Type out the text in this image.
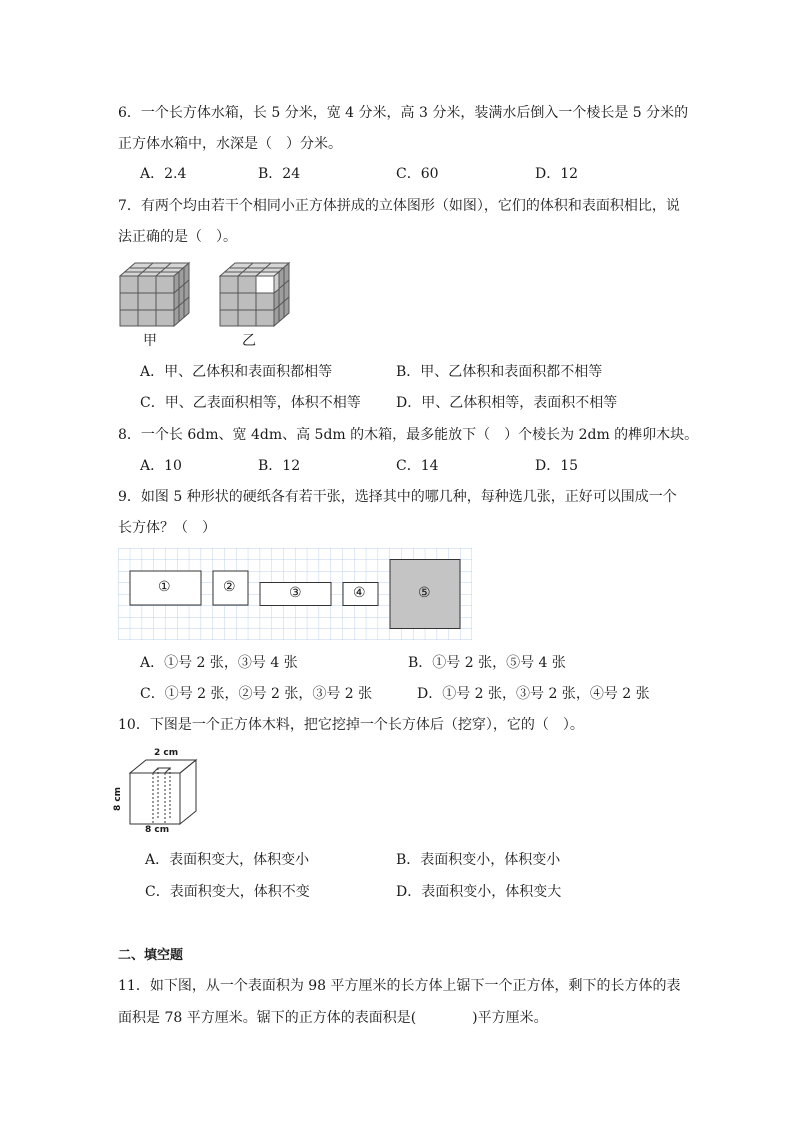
6．一个长方体水箱，长 5 分米，宽 4 分米，高 3 分米，装满水后倒入一个棱长是 5 分米的
正方体水箱中，水深是（　）分米。
A．2.4	B．24	C．60	D．12
7．有两个均由若干个相同小正方体拼成的立体图形（如图），它们的体积和表面积相比，说
法正确的是（　）。
甲	乙
A．甲、乙体积和表面积都相等	B．甲、乙体积和表面积都不相等
C．甲、乙表面积相等，体积不相等	D．甲、乙体积相等，表面积不相等
8．一个长 6dm、宽 4dm、高 5dm 的木箱，最多能放下（　）个棱长为 2dm 的榫卯木块。
A．10	B．12	C．14	D．15
9．如图 5 种形状的硬纸各有若干张，选择其中的哪几种，每种选几张，正好可以围成一个
长方体？（　）
①	②	③	④	⑤
A．①号 2 张，③号 4 张	B．①号 2 张，⑤号 4 张
C．①号 2 张，②号 2 张，③号 2 张	D．①号 2 张，③号 2 张，④号 2 张
10．下图是一个正方体木料，把它挖掉一个长方体后（挖穿），它的（　）。
2 cm
8 cm
8 cm
A．表面积变大，体积变小	B．表面积变小，体积变小
C．表面积变大，体积不变	D．表面积变小，体积变大
二、填空题
11．如下图，从一个表面积为 98 平方厘米的长方体上锯下一个正方体，剩下的长方体的表
面积是 78 平方厘米。锯下的正方体的表面积是(　　　　)平方厘米。
